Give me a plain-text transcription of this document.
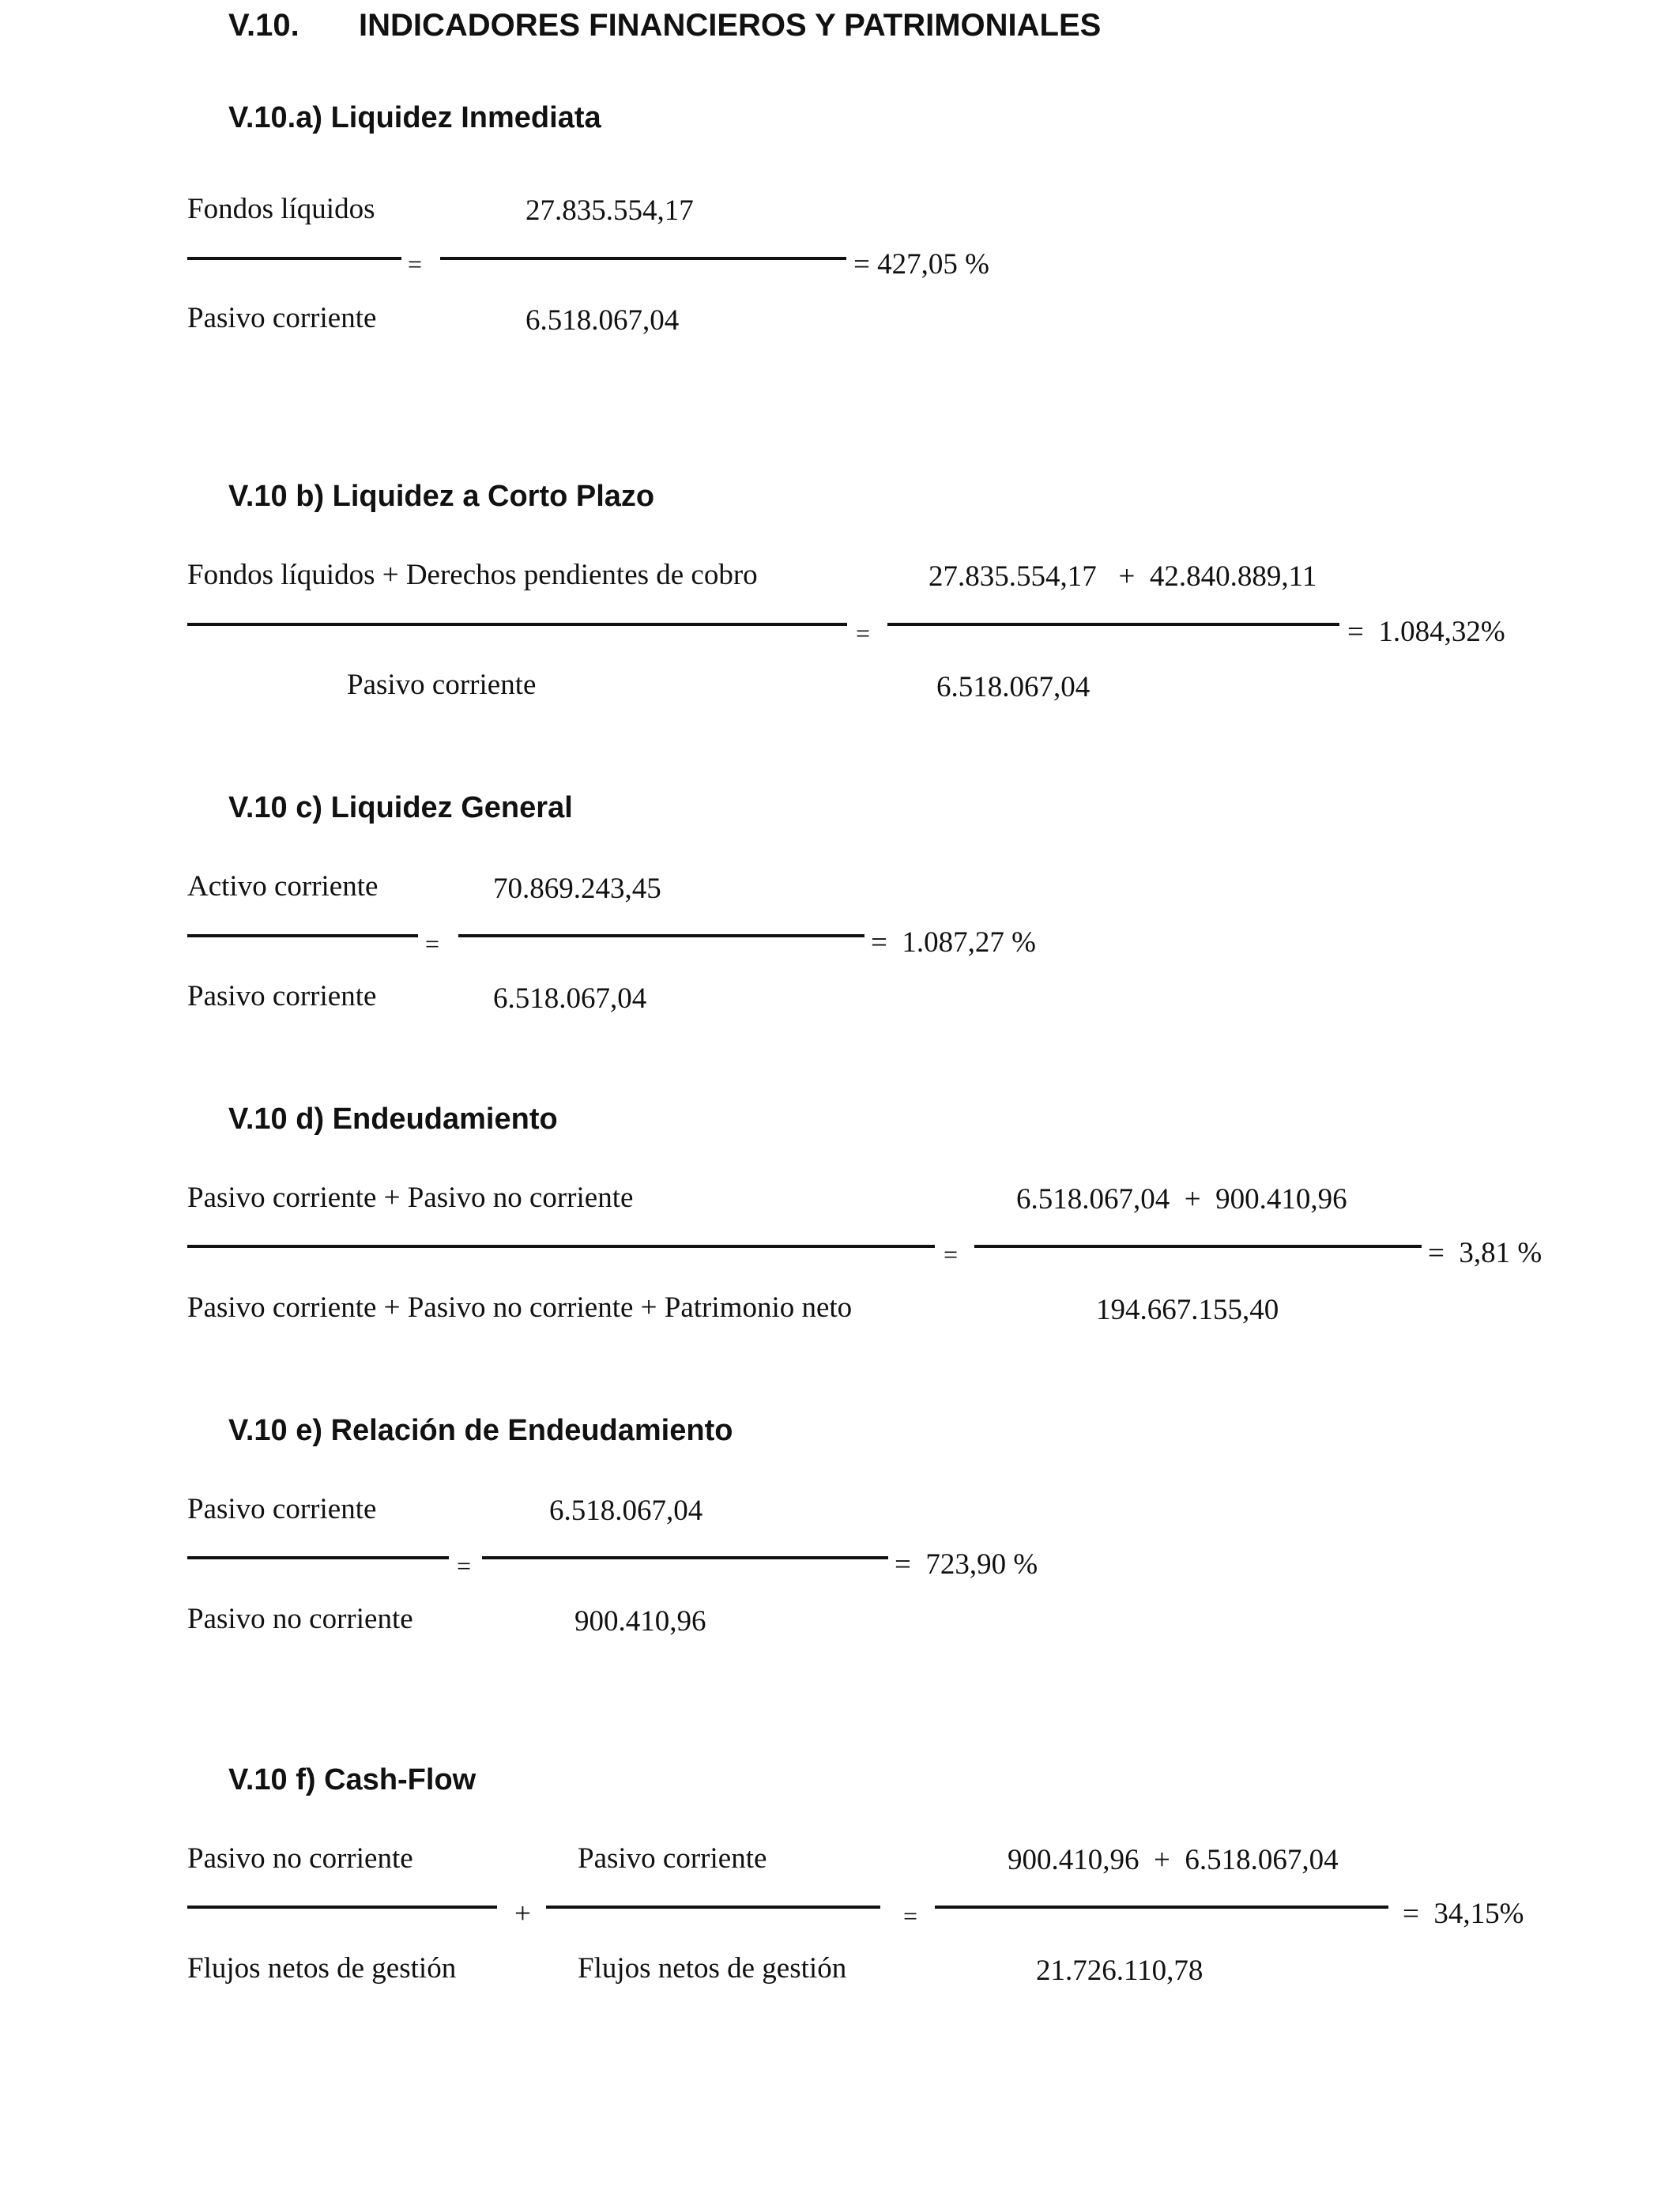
V.10. INDICADORES FINANCIEROS Y PATRIMONIALES
V.10.a) Liquidez Inmediata
Fondos líquidos
Pasivo corriente
=
27.835.554,17
6.518.067,04
= 427,05 %
V.10 b) Liquidez a Corto Plazo
Fondos líquidos + Derechos pendientes de cobro
Pasivo corriente
=
27.835.554,17   +  42.840.889,11
6.518.067,04
=  1.084,32%
V.10 c) Liquidez General
Activo corriente
Pasivo corriente
=
70.869.243,45
6.518.067,04
=  1.087,27 %
V.10 d) Endeudamiento
Pasivo corriente + Pasivo no corriente
Pasivo corriente + Pasivo no corriente + Patrimonio neto
=
6.518.067,04  +  900.410,96
194.667.155,40
=  3,81 %
V.10 e) Relación de Endeudamiento
Pasivo corriente
Pasivo no corriente
=
6.518.067,04
900.410,96
=  723,90 %
V.10 f) Cash-Flow
Pasivo no corriente
Flujos netos de gestión
+
Pasivo corriente
Flujos netos de gestión
=
900.410,96  +  6.518.067,04
21.726.110,78
=  34,15%
